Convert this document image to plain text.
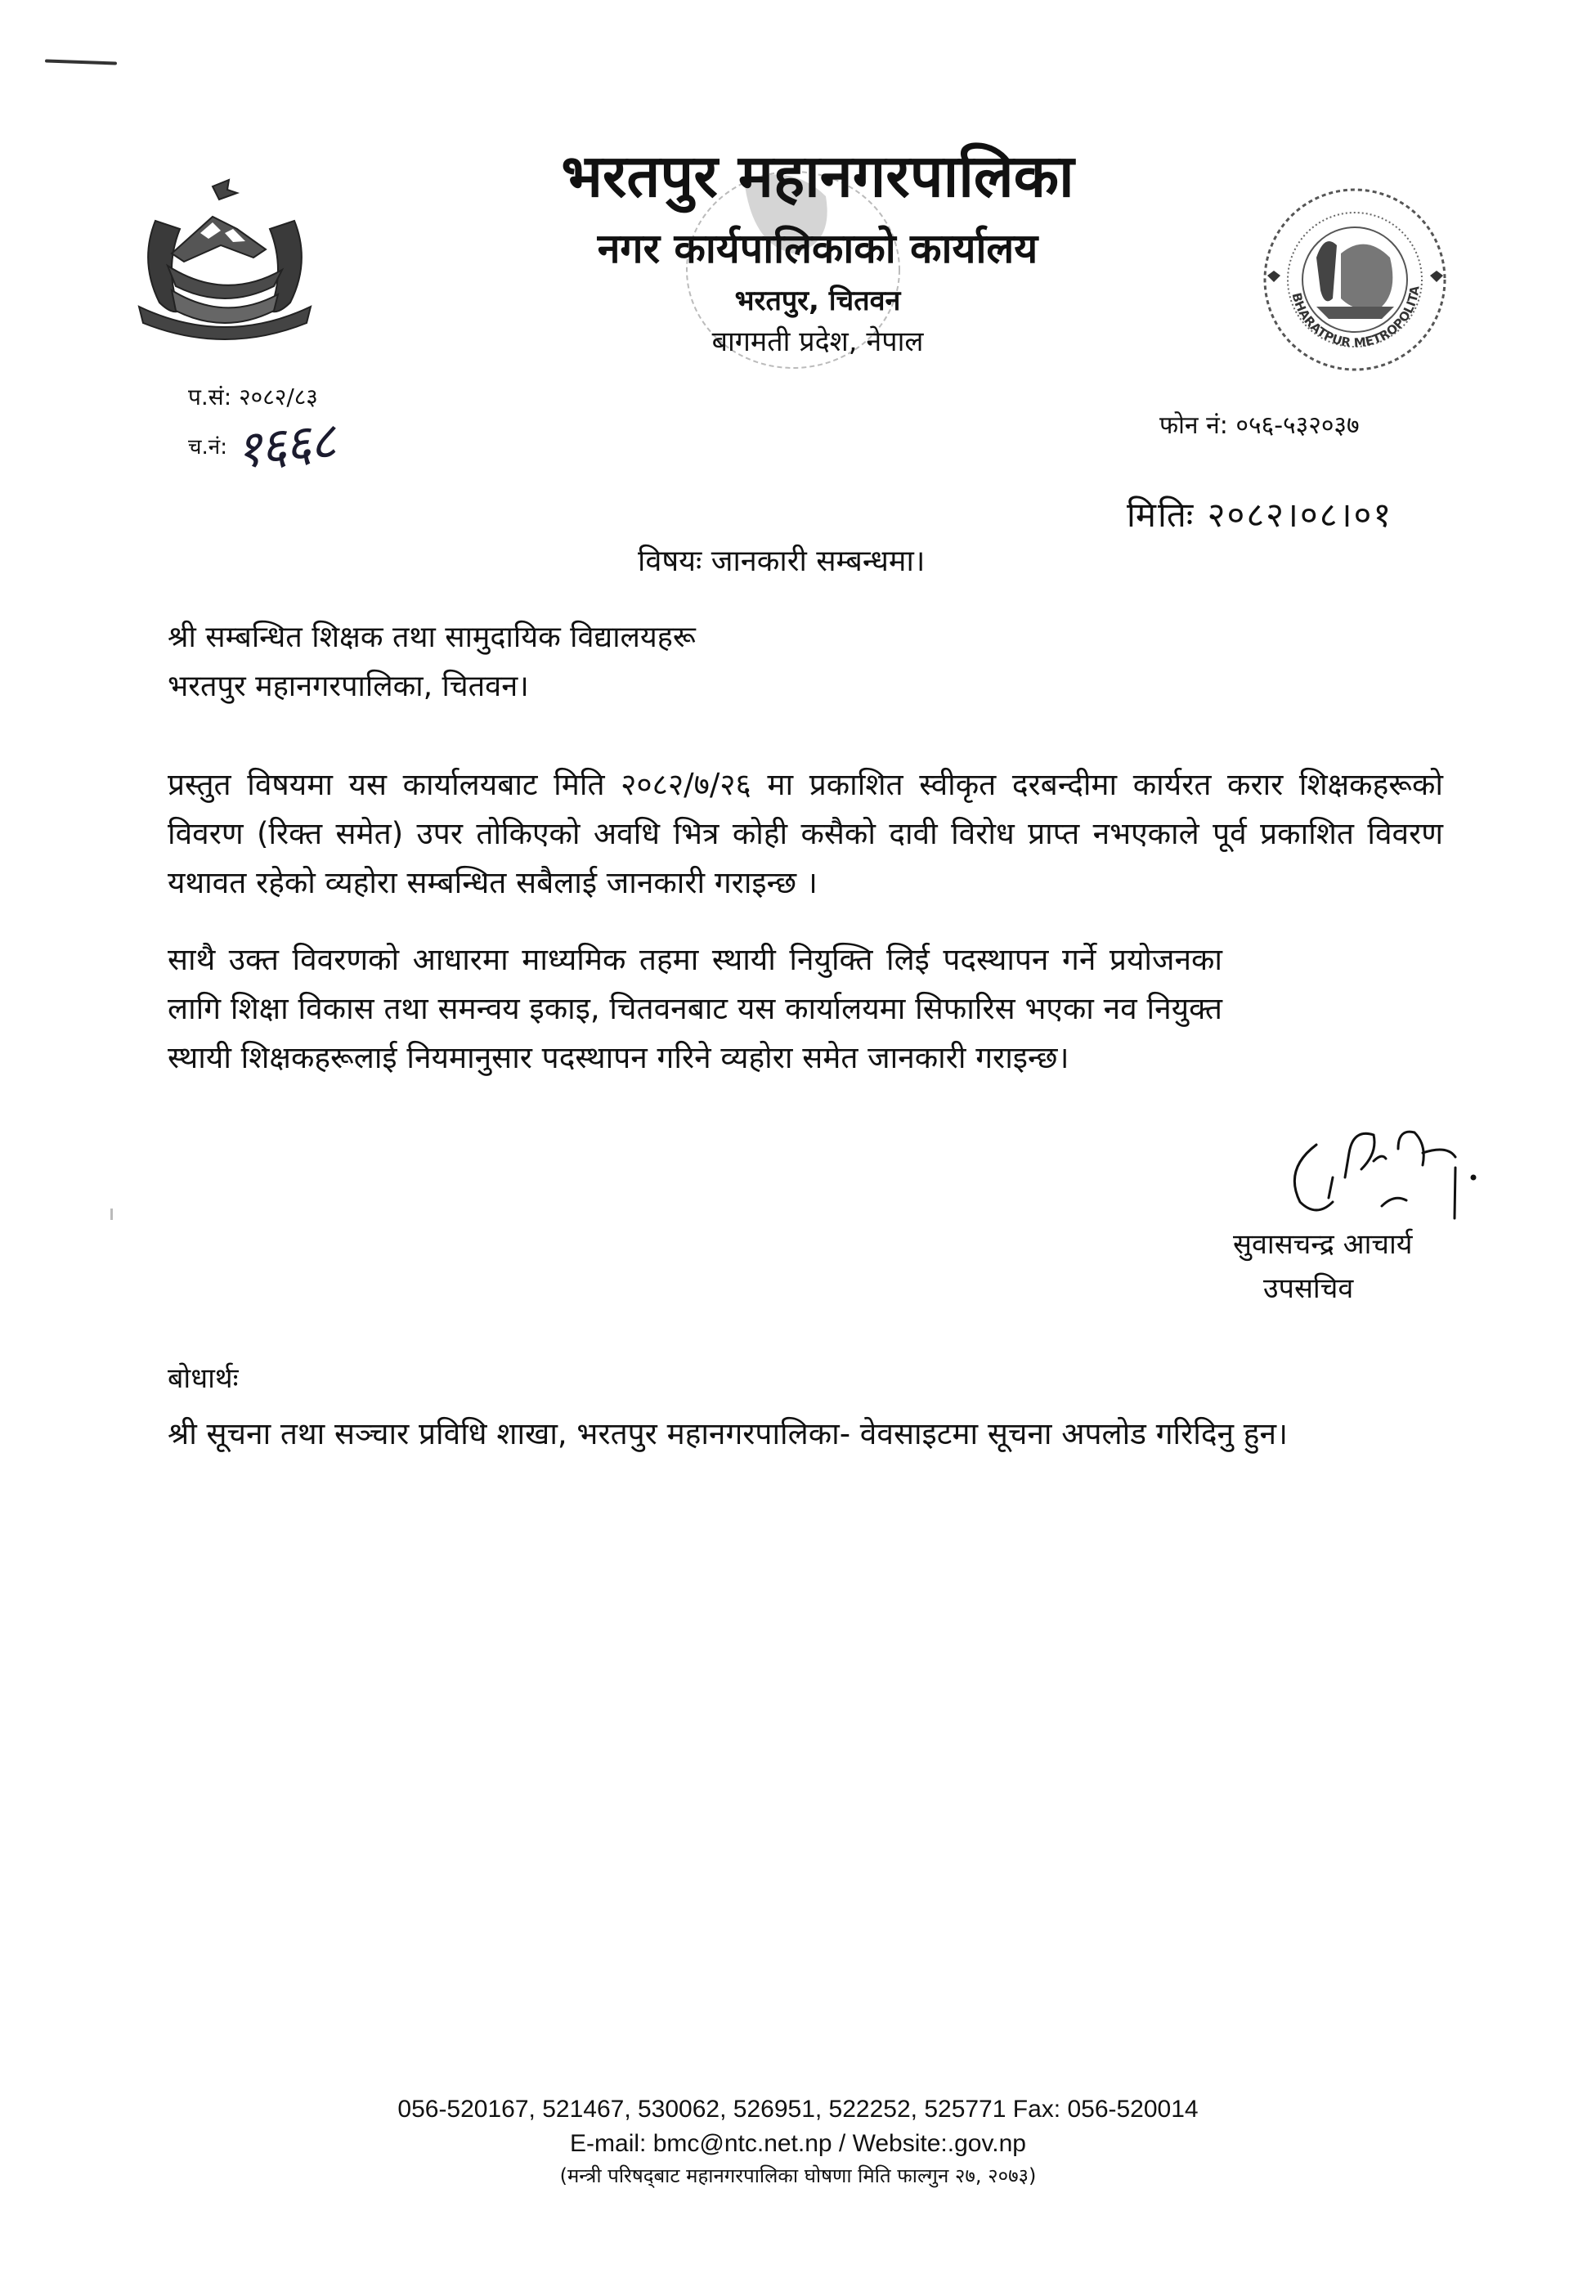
भरतपुर महानगरपालिका
नगर कार्यपालिकाको कार्यालय
भरतपुर, चितवन
बागमती प्रदेश, नेपाल
BHARATPUR METROPOLITA
प.सं: २०८२/८३
च.नं: १६६८	फोन नं: ०५६-५३२०३७
मितिः २०८२।०८।०१
विषयः जानकारी सम्बन्धमा।
श्री सम्बन्धित शिक्षक तथा सामुदायिक विद्यालयहरू
भरतपुर महानगरपालिका, चितवन।
प्रस्तुत विषयमा यस कार्यालयबाट मिति २०८२/७/२६ मा प्रकाशित स्वीकृत दरबन्दीमा कार्यरत करार शिक्षकहरूको विवरण (रिक्त समेत) उपर तोकिएको अवधि भित्र कोही कसैको दावी विरोध प्राप्त नभएकाले पूर्व प्रकाशित विवरण यथावत रहेको व्यहोरा सम्बन्धित सबैलाई जानकारी गराइन्छ ।
साथै उक्त विवरणको आधारमा माध्यमिक तहमा स्थायी नियुक्ति लिई पदस्थापन गर्ने प्रयोजनका लागि शिक्षा विकास तथा समन्वय इकाइ, चितवनबाट यस कार्यालयमा सिफारिस भएका नव नियुक्त स्थायी शिक्षकहरूलाई नियमानुसार पदस्थापन गरिने व्यहोरा समेत जानकारी गराइन्छ।
सुवासचन्द्र आचार्य
उपसचिव
बोधार्थः
श्री सूचना तथा सञ्चार प्रविधि शाखा, भरतपुर महानगरपालिका- वेवसाइटमा सूचना अपलोड गरिदिनु हुन।
056-520167, 521467, 530062, 526951, 522252, 525771 Fax: 056-520014
E-mail: bmc@ntc.net.np / Website:.gov.np
(मन्त्री परिषद्‌बाट महानगरपालिका घोषणा मिति फाल्गुन २७, २०७३)
